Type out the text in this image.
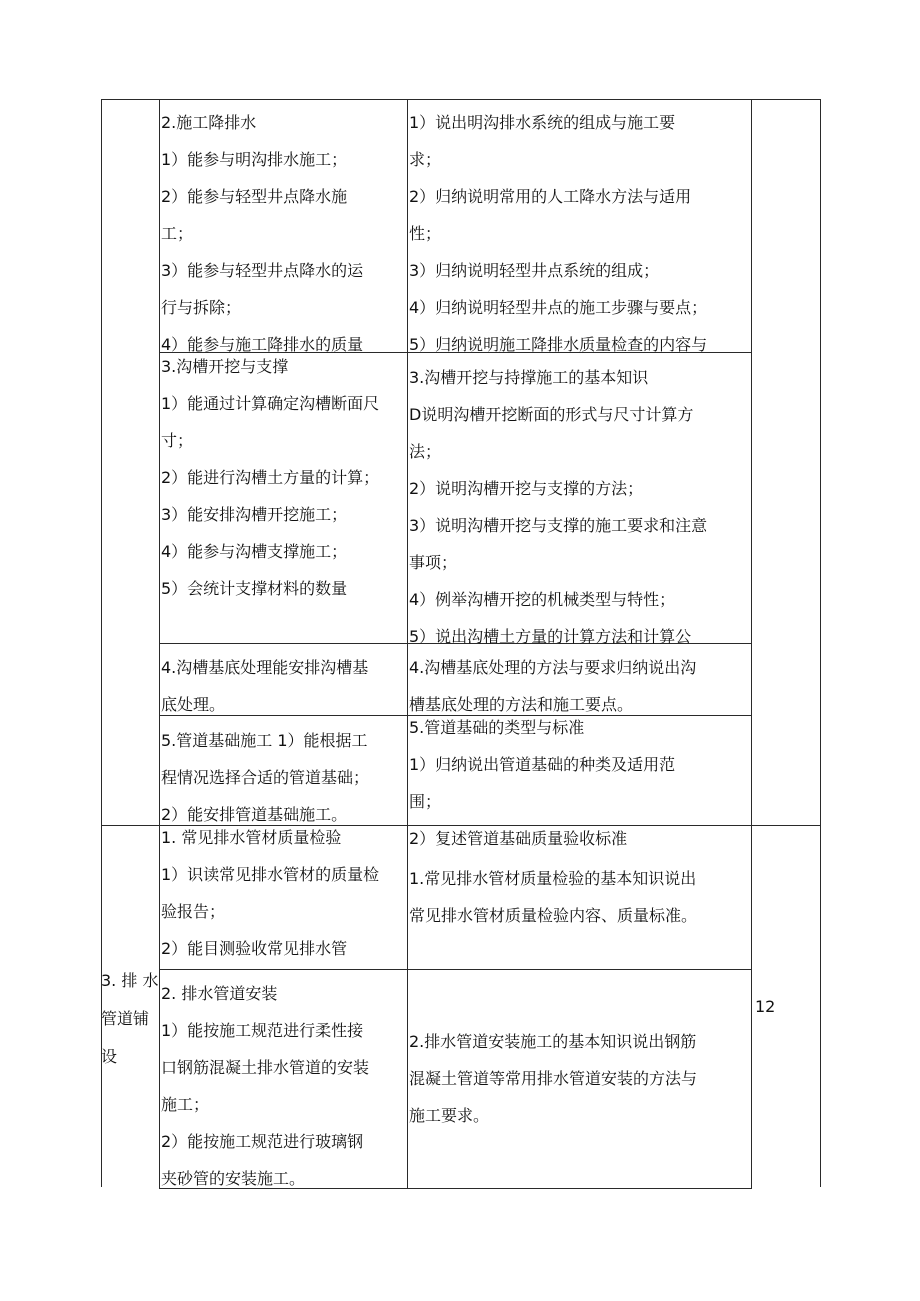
2.施工降排水

1）能参与明沟排水施工；

2）能参与轻型井点降水施

工；

3）能参与轻型井点降水的运

行与拆除；

4）能参与施工降排水的质量

1）说出明沟排水系统的组成与施工要

求；

2）归纳说明常用的人工降水方法与适用

性；

3）归纳说明轻型井点系统的组成；

4）归纳说明轻型井点的施工步骤与要点；

5）归纳说明施工降排水质量检查的内容与

3.沟槽开挖与支撑

1）能通过计算确定沟槽断面尺

寸；

2）能进行沟槽土方量的计算；

3）能安排沟槽开挖施工；

4）能参与沟槽支撑施工；

5）会统计支撑材料的数量

3.沟槽开挖与持撑施工的基本知识

D说明沟槽开挖断面的形式与尺寸计算方

法；

2）说明沟槽开挖与支撑的方法；

3）说明沟槽开挖与支撑的施工要求和注意

事项；

4）例举沟槽开挖的机械类型与特性；

5）说出沟槽土方量的计算方法和计算公

4.沟槽基底处理能安排沟槽基

底处理。

4.沟槽基底处理的方法与要求归纳说出沟

槽基底处理的方法和施工要点。

5.管道基础施工 1）能根据工

程情况选择合适的管道基础；

2）能安排管道基础施工。

5.管道基础的类型与标准

1）归纳说出管道基础的种类及适用范

围；

2）复述管道基础质量验收标准

1. 常见排水管材质量检验

1）识读常见排水管材的质量检

验报告；

2）能目测验收常见排水管

1.常见排水管材质量检验的基本知识说出

常见排水管材质量检验内容、质量标准。

2. 排水管道安装

1）能按施工规范进行柔性接

口钢筋混凝土排水管道的安装

施工；

2）能按施工规范进行玻璃钢

夹砂管的安装施工。

2.排水管道安装施工的基本知识说出钢筋

混凝土管道等常用排水管道安装的方法与

施工要求。

3. 排 水

管道铺

设

12
